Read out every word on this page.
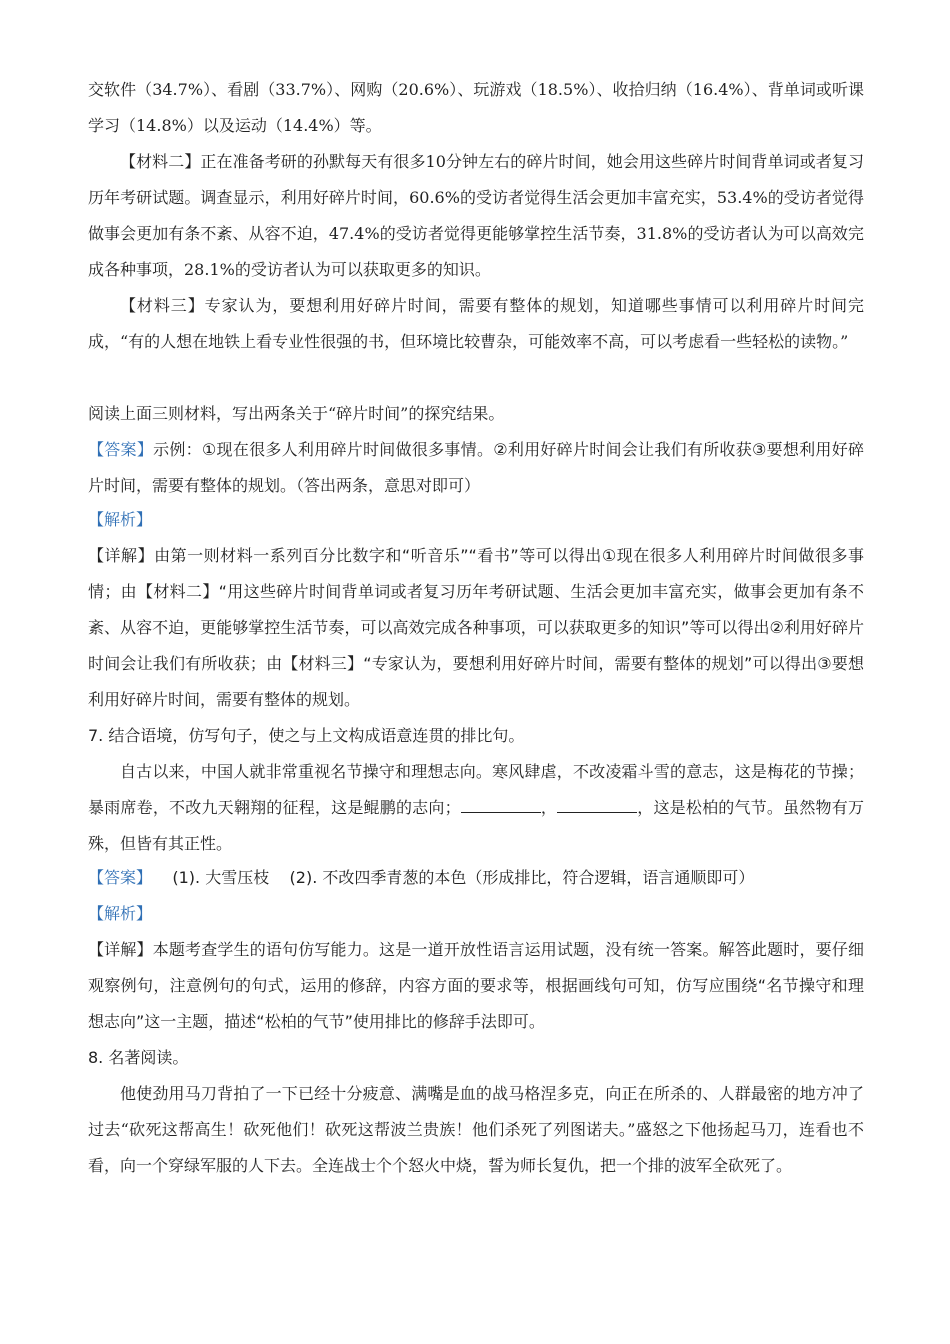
交软件（34.7%）、看剧（33.7%）、网购（20.6%）、玩游戏（18.5%）、收拾归纳（16.4%）、背单词或听课学习（14.8%）以及运动（14.4%）等。

【材料二】正在准备考研的孙默每天有很多10分钟左右的碎片时间，她会用这些碎片时间背单词或者复习历年考研试题。调查显示，利用好碎片时间，60.6%的受访者觉得生活会更加丰富充实，53.4%的受访者觉得做事会更加有条不紊、从容不迫，47.4%的受访者觉得更能够掌控生活节奏，31.8%的受访者认为可以高效完成各种事项，28.1%的受访者认为可以获取更多的知识。

【材料三】专家认为，要想利用好碎片时间，需要有整体的规划，知道哪些事情可以利用碎片时间完成，“有的人想在地铁上看专业性很强的书，但环境比较曹杂，可能效率不高，可以考虑看一些轻松的读物。”

阅读上面三则材料，写出两条关于“碎片时间”的探究结果。

【答案】示例：①现在很多人利用碎片时间做很多事情。②利用好碎片时间会让我们有所收获③要想利用好碎片时间，需要有整体的规划。（答出两条，意思对即可）

【解析】

【详解】由第一则材料一系列百分比数字和“听音乐”“看书”等可以得出①现在很多人利用碎片时间做很多事情；由【材料二】“用这些碎片时间背单词或者复习历年考研试题、生活会更加丰富充实，做事会更加有条不紊、从容不迫，更能够掌控生活节奏，可以高效完成各种事项，可以获取更多的知识”等可以得出②利用好碎片时间会让我们有所收获；由【材料三】“专家认为，要想利用好碎片时间，需要有整体的规划”可以得出③要想利用好碎片时间，需要有整体的规划。

7. 结合语境，仿写句子，使之与上文构成语意连贯的排比句。

自古以来，中国人就非常重视名节操守和理想志向。寒风肆虐，不改凌霜斗雪的意志，这是梅花的节操；暴雨席卷，不改九天翱翔的征程，这是鲲鹏的志向；	，	，这是松柏的气节。虽然物有万殊，但皆有其正性。

【答案】    (1). 大雪压枝    (2). 不改四季青葱的本色（形成排比，符合逻辑，语言通顺即可）

【解析】

【详解】本题考查学生的语句仿写能力。这是一道开放性语言运用试题，没有统一答案。解答此题时，要仔细观察例句，注意例句的句式，运用的修辞，内容方面的要求等，根据画线句可知，仿写应围绕“名节操守和理想志向”这一主题，描述“松柏的气节”使用排比的修辞手法即可。

8. 名著阅读。

他使劲用马刀背拍了一下已经十分疲意、满嘴是血的战马格涅多克，向正在所杀的、人群最密的地方冲了过去“砍死这帮高生！砍死他们！砍死这帮波兰贵族！他们杀死了列图诺夫。”盛怒之下他扬起马刀，连看也不看，向一个穿绿军服的人下去。全连战士个个怒火中烧，誓为师长复仇，把一个排的波军全砍死了。
